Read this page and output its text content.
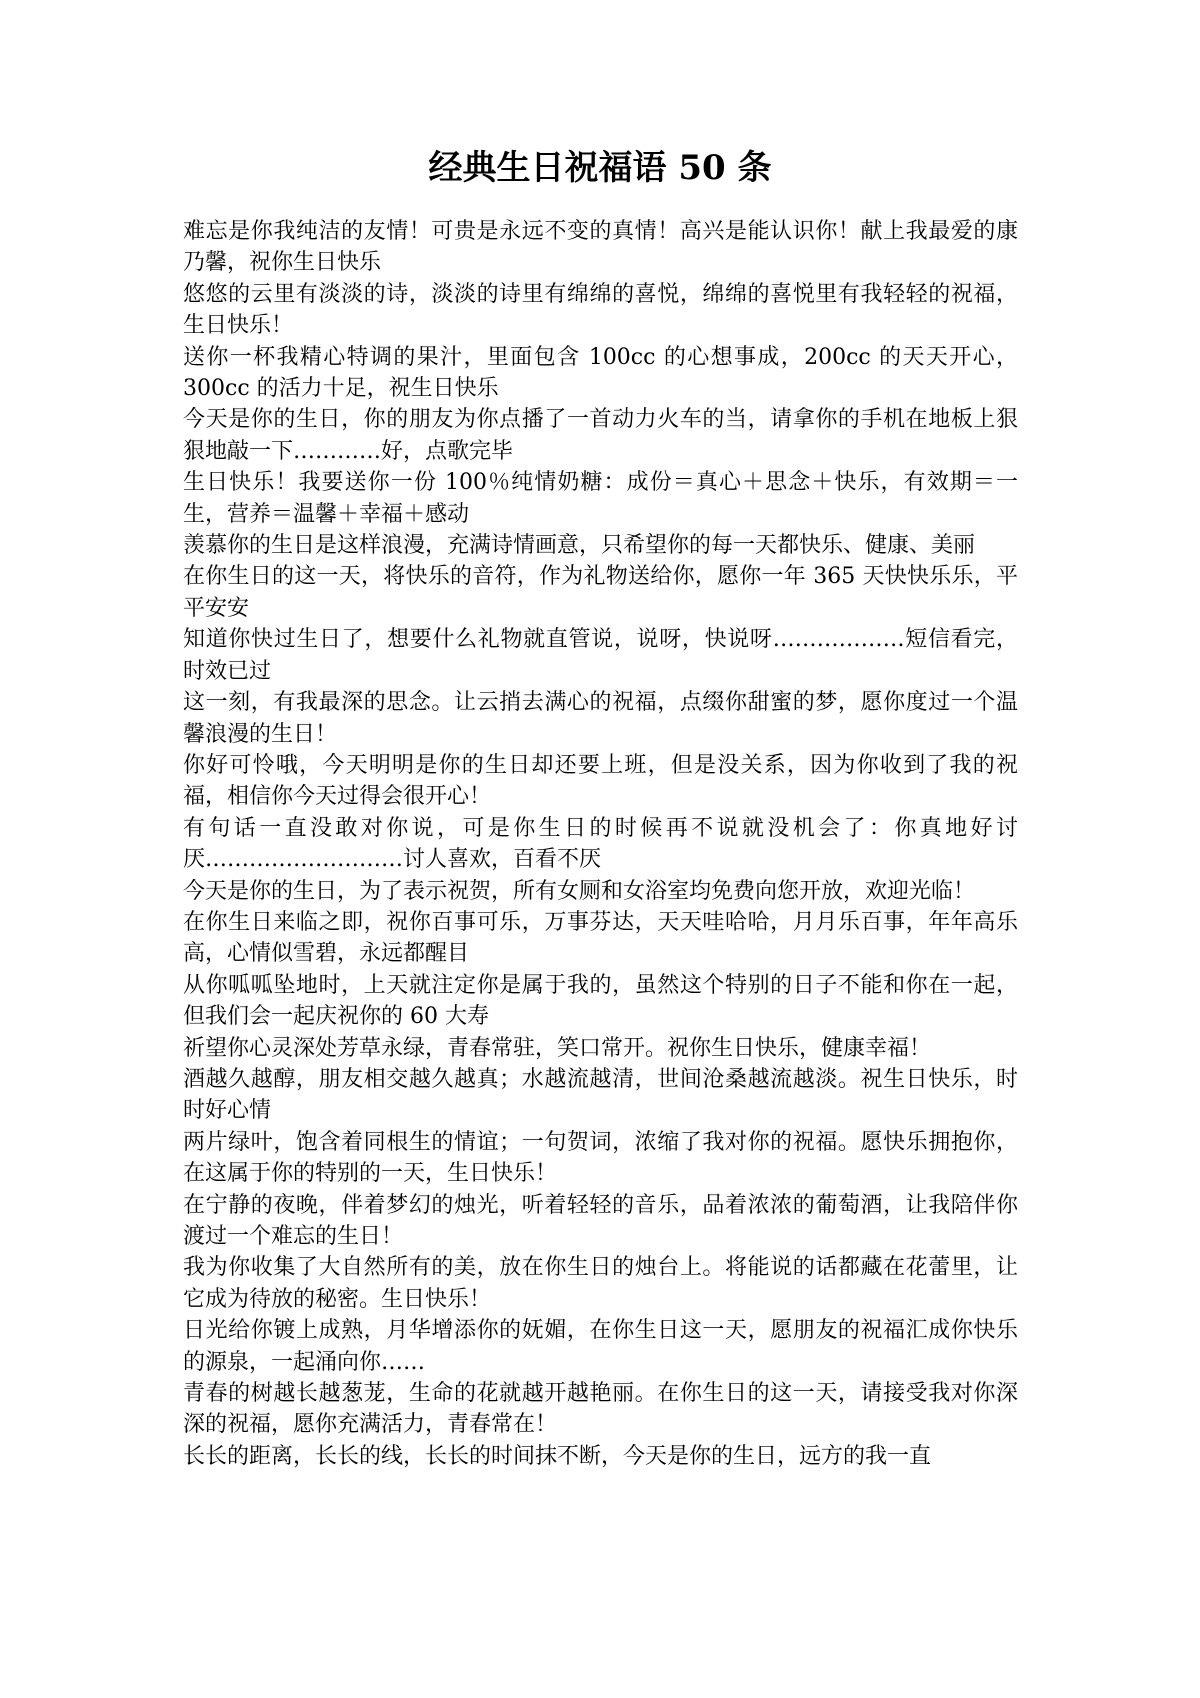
经典生日祝福语 50 条

难忘是你我纯洁的友情！可贵是永远不变的真情！高兴是能认识你！献上我最爱的康乃馨，祝你生日快乐

悠悠的云里有淡淡的诗，淡淡的诗里有绵绵的喜悦，绵绵的喜悦里有我轻轻的祝福，生日快乐！

送你一杯我精心特调的果汁，里面包含 100cc 的心想事成，200cc 的天天开心，300cc 的活力十足，祝生日快乐

今天是你的生日，你的朋友为你点播了一首动力火车的当，请拿你的手机在地板上狠狠地敲一下…………好，点歌完毕

生日快乐！我要送你一份 100％纯情奶糖：成份＝真心＋思念＋快乐，有效期＝一生，营养＝温馨＋幸福＋感动

羡慕你的生日是这样浪漫，充满诗情画意，只希望你的每一天都快乐、健康、美丽

在你生日的这一天，将快乐的音符，作为礼物送给你，愿你一年 365 天快快乐乐，平平安安

知道你快过生日了，想要什么礼物就直管说，说呀，快说呀………………短信看完，时效已过

这一刻，有我最深的思念。让云捎去满心的祝福，点缀你甜蜜的梦，愿你度过一个温馨浪漫的生日！

你好可怜哦，今天明明是你的生日却还要上班，但是没关系，因为你收到了我的祝福，相信你今天过得会很开心！

有句话一直没敢对你说，可是你生日的时候再不说就没机会了：你真地好讨厌………………………讨人喜欢，百看不厌

今天是你的生日，为了表示祝贺，所有女厕和女浴室均免费向您开放，欢迎光临！

在你生日来临之即，祝你百事可乐，万事芬达，天天哇哈哈，月月乐百事，年年高乐高，心情似雪碧，永远都醒目

从你呱呱坠地时，上天就注定你是属于我的，虽然这个特别的日子不能和你在一起，但我们会一起庆祝你的 60 大寿

祈望你心灵深处芳草永绿，青春常驻，笑口常开。祝你生日快乐，健康幸福！

酒越久越醇，朋友相交越久越真；水越流越清，世间沧桑越流越淡。祝生日快乐，时时好心情

两片绿叶，饱含着同根生的情谊；一句贺词，浓缩了我对你的祝福。愿快乐拥抱你，在这属于你的特别的一天，生日快乐！

在宁静的夜晚，伴着梦幻的烛光，听着轻轻的音乐，品着浓浓的葡萄酒，让我陪伴你渡过一个难忘的生日！

我为你收集了大自然所有的美，放在你生日的烛台上。将能说的话都藏在花蕾里，让它成为待放的秘密。生日快乐！

日光给你镀上成熟，月华增添你的妩媚，在你生日这一天，愿朋友的祝福汇成你快乐的源泉，一起涌向你……

青春的树越长越葱茏，生命的花就越开越艳丽。在你生日的这一天，请接受我对你深深的祝福，愿你充满活力，青春常在！

长长的距离，长长的线，长长的时间抹不断，今天是你的生日，远方的我一直
